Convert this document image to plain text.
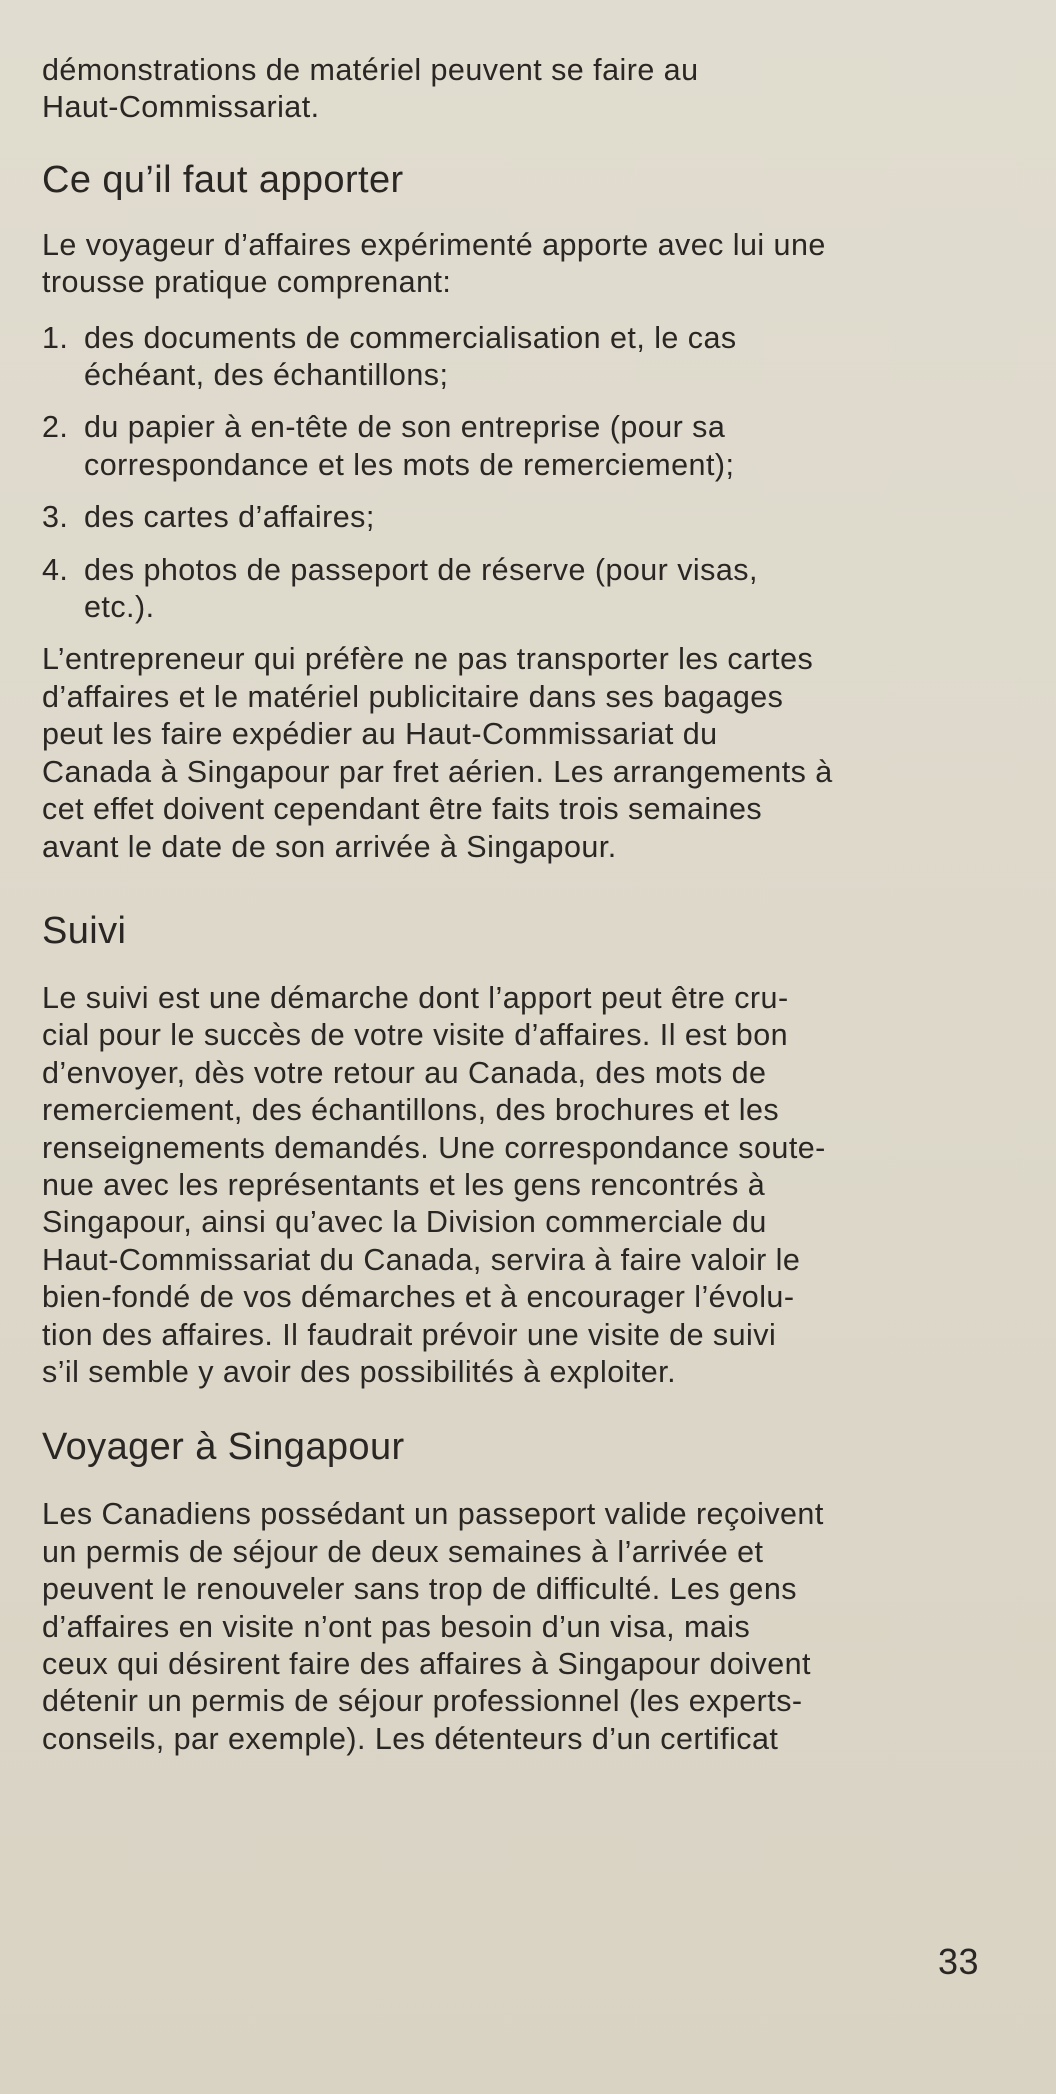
démonstrations de matériel peuvent se faire au
Haut-Commissariat.

Ce qu’il faut apporter

Le voyageur d’affaires expérimenté apporte avec lui une
trousse pratique comprenant:

1. des documents de commercialisation et, le cas
échéant, des échantillons;
2. du papier à en-tête de son entreprise (pour sa
correspondance et les mots de remerciement);
3. des cartes d’affaires;
4. des photos de passeport de réserve (pour visas,
etc.).

L’entrepreneur qui préfère ne pas transporter les cartes
d’affaires et le matériel publicitaire dans ses bagages
peut les faire expédier au Haut-Commissariat du
Canada à Singapour par fret aérien. Les arrangements à
cet effet doivent cependant être faits trois semaines
avant le date de son arrivée à Singapour.

Suivi

Le suivi est une démarche dont l’apport peut être cru-
cial pour le succès de votre visite d’affaires. Il est bon
d’envoyer, dès votre retour au Canada, des mots de
remerciement, des échantillons, des brochures et les
renseignements demandés. Une correspondance soute-
nue avec les représentants et les gens rencontrés à
Singapour, ainsi qu’avec la Division commerciale du
Haut-Commissariat du Canada, servira à faire valoir le
bien-fondé de vos démarches et à encourager l’évolu-
tion des affaires. Il faudrait prévoir une visite de suivi
s’il semble y avoir des possibilités à exploiter.

Voyager à Singapour

Les Canadiens possédant un passeport valide reçoivent
un permis de séjour de deux semaines à l’arrivée et
peuvent le renouveler sans trop de difficulté. Les gens
d’affaires en visite n’ont pas besoin d’un visa, mais
ceux qui désirent faire des affaires à Singapour doivent
détenir un permis de séjour professionnel (les experts-
conseils, par exemple). Les détenteurs d’un certificat

33
